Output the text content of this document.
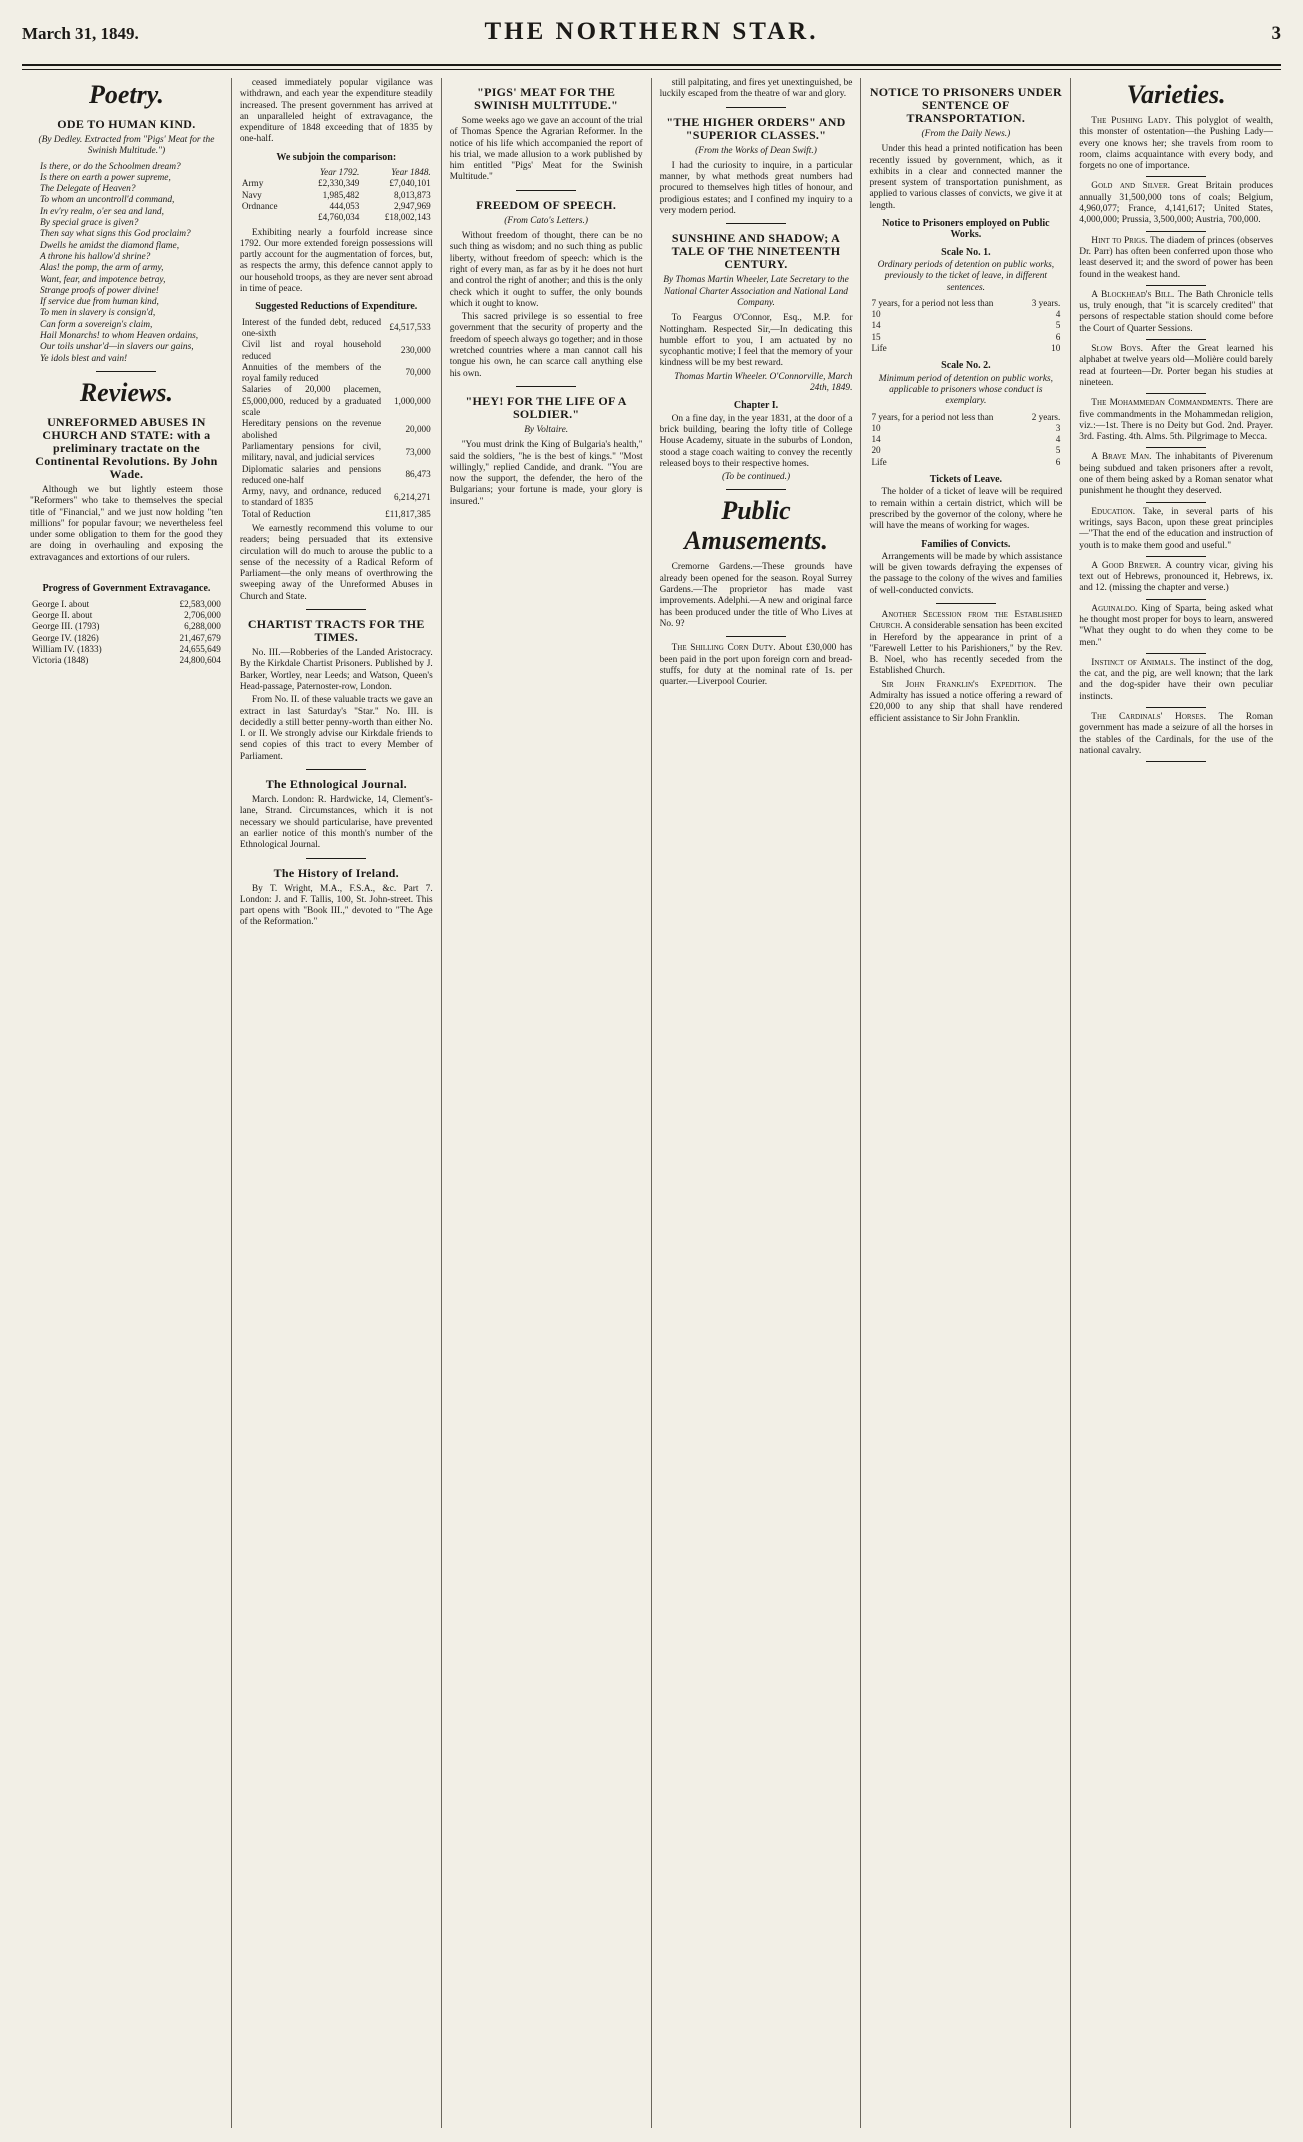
March 31, 1849.	THE NORTHERN STAR.	3
Poetry.
ODE TO HUMAN KIND.
(By Dedley. Extracted from "Pigs' Meat for the Swinish Multitude.")

Is there, or do the Schoolmen dream?

Is there on earth a power supreme,

The Delegate of Heaven?

To whom an uncontroll'd command,

In ev'ry realm, o'er sea and land,

By special grace is given?

Then say what signs this God proclaim?

Dwells he amidst the diamond flame,

A throne his hallow'd shrine?

Alas! the pomp, the arm of army,

Want, fear, and impotence betray,

Strange proofs of power divine!

If service due from human kind,

To men in slavery is consign'd,

Can form a sovereign's claim,

Hail Monarchs! to whom Heaven ordains,

Our toils unshar'd—in slavers our gains,

Ye idols blest and vain!

Reviews.
UNREFORMED ABUSES IN CHURCH AND STATE: with a preliminary tractate on the Continental Revolutions. By John Wade.

Although we but lightly esteem those "Reformers" who take to themselves the special title of "Financial," and we just now holding "ten millions" for popular favour; we nevertheless feel under some obligation to them for the good they are doing in overhauling and exposing the extravagances and extortions of our rulers.

Progress of Government Extravagance.
George I. about	£2,583,000
George II. about	2,706,000
George III. (1793)	6,288,000
George IV. (1826)	21,467,679
William IV. (1833)	24,655,649
Victoria (1848)	24,800,604

ceased immediately popular vigilance was withdrawn, and each year the expenditure steadily increased. The present government has arrived at an unparalleled height of extravagance, the expenditure of 1848 exceeding that of 1835 by one-half.

We subjoin the comparison:
	Year 1792.	Year 1848.
Army	£2,330,349	£7,040,101
Navy	1,985,482	8,013,873
Ordnance	444,053	2,947,969
	£4,760,034	£18,002,143

Exhibiting nearly a fourfold increase since 1792. Our more extended foreign possessions will partly account for the augmentation of forces, but, as respects the army, this defence cannot apply to our household troops, as they are never sent abroad in time of peace.

Suggested Reductions of Expenditure.
Interest of the funded debt, reduced one-sixth	£4,517,533
Civil list and royal household reduced	230,000
Annuities of the members of the royal family reduced	70,000
Salaries of 20,000 placemen, £5,000,000, reduced by a graduated scale	1,000,000
Hereditary pensions on the revenue abolished	20,000
Parliamentary pensions for civil, military, naval, and judicial services	73,000
Diplomatic salaries and pensions reduced one-half	86,473
Army, navy, and ordnance, reduced to standard of 1835	6,214,271
Total of Reduction	£11,817,385

We earnestly recommend this volume to our readers; being persuaded that its extensive circulation will do much to arouse the public to a sense of the necessity of a Radical Reform of Parliament—the only means of overthrowing the sweeping away of the Unreformed Abuses in Church and State.

CHARTIST TRACTS FOR THE TIMES.

No. III.—Robberies of the Landed Aristocracy. By the Kirkdale Chartist Prisoners. Published by J. Barker, Wortley, near Leeds; and Watson, Queen's Head-passage, Paternoster-row, London.

From No. II. of these valuable tracts we gave an extract in last Saturday's "Star." No. III. is decidedly a still better penny-worth than either No. I. or II. We strongly advise our Kirkdale friends to send copies of this tract to every Member of Parliament.

The Ethnological Journal.

March. London: R. Hardwicke, 14, Clement's-lane, Strand. Circumstances, which it is not necessary we should particularise, have prevented an earlier notice of this month's number of the Ethnological Journal.

The History of Ireland.

By T. Wright, M.A., F.S.A., &c. Part 7. London: J. and F. Tallis, 100, St. John-street. This part opens with "Book III.," devoted to "The Age of the Reformation."

"PIGS' MEAT FOR THE SWINISH MULTITUDE."

Some weeks ago we gave an account of the trial of Thomas Spence the Agrarian Reformer. In the notice of his life which accompanied the report of his trial, we made allusion to a work published by him entitled "Pigs' Meat for the Swinish Multitude."

FREEDOM OF SPEECH.
(From Cato's Letters.)

Without freedom of thought, there can be no such thing as wisdom; and no such thing as public liberty, without freedom of speech: which is the right of every man, as far as by it he does not hurt and control the right of another; and this is the only check which it ought to suffer, the only bounds which it ought to know.

This sacred privilege is so essential to free government that the security of property and the freedom of speech always go together; and in those wretched countries where a man cannot call his tongue his own, he can scarce call anything else his own.

"HEY! FOR THE LIFE OF A SOLDIER."
By Voltaire.

"You must drink the King of Bulgaria's health," said the soldiers, "he is the best of kings." "Most willingly," replied Candide, and drank. "You are now the support, the defender, the hero of the Bulgarians; your fortune is made, your glory is insured."

still palpitating, and fires yet unextinguished, be luckily escaped from the theatre of war and glory.

"THE HIGHER ORDERS" AND "SUPERIOR CLASSES."
(From the Works of Dean Swift.)

I had the curiosity to inquire, in a particular manner, by what methods great numbers had procured to themselves high titles of honour, and prodigious estates; and I confined my inquiry to a very modern period.

SUNSHINE AND SHADOW; A TALE OF THE NINETEENTH CENTURY.
By Thomas Martin Wheeler, Late Secretary to the National Charter Association and National Land Company.

To Feargus O'Connor, Esq., M.P. for Nottingham. Respected Sir,—In dedicating this humble effort to you, I am actuated by no sycophantic motive; I feel that the memory of your kindness will be my best reward.

Thomas Martin Wheeler. O'Connorville, March 24th, 1849.

Chapter I.

On a fine day, in the year 1831, at the door of a brick building, bearing the lofty title of College House Academy, situate in the suburbs of London, stood a stage coach waiting to convey the recently released boys to their respective homes.

(To be continued.)
Public Amusements.

Cremorne Gardens.—These grounds have already been opened for the season. Royal Surrey Gardens.—The proprietor has made vast improvements. Adelphi.—A new and original farce has been produced under the title of Who Lives at No. 9?

The Shilling Corn Duty. About £30,000 has been paid in the port upon foreign corn and bread-stuffs, for duty at the nominal rate of 1s. per quarter.—Liverpool Courier.

NOTICE TO PRISONERS UNDER SENTENCE OF TRANSPORTATION.
(From the Daily News.)

Under this head a printed notification has been recently issued by government, which, as it exhibits in a clear and connected manner the present system of transportation punishment, as applied to various classes of convicts, we give it at length.

Notice to Prisoners employed on Public Works.
Scale No. 1.
Ordinary periods of detention on public works, previously to the ticket of leave, in different sentences.
7 years, for a period not less than	3 years.
10	4
14	5
15	6
Life	10
Scale No. 2.
Minimum period of detention on public works, applicable to prisoners whose conduct is exemplary.
7 years, for a period not less than	2 years.
10	3
14	4
20	5
Life	6
Tickets of Leave.

The holder of a ticket of leave will be required to remain within a certain district, which will be prescribed by the governor of the colony, where he will have the means of working for wages.

Families of Convicts.

Arrangements will be made by which assistance will be given towards defraying the expenses of the passage to the colony of the wives and families of well-conducted convicts.

Another Secession from the Established Church. A considerable sensation has been excited in Hereford by the appearance in print of a "Farewell Letter to his Parishioners," by the Rev. B. Noel, who has recently seceded from the Established Church.

Sir John Franklin's Expedition. The Admiralty has issued a notice offering a reward of £20,000 to any ship that shall have rendered efficient assistance to Sir John Franklin.

Varieties.

The Pushing Lady. This polyglot of wealth, this monster of ostentation—the Pushing Lady—every one knows her; she travels from room to room, claims acquaintance with every body, and forgets no one of importance.

Gold and Silver. Great Britain produces annually 31,500,000 tons of coals; Belgium, 4,960,077; France, 4,141,617; United States, 4,000,000; Prussia, 3,500,000; Austria, 700,000.

Hint to Prigs. The diadem of princes (observes Dr. Parr) has often been conferred upon those who least deserved it; and the sword of power has been found in the weakest hand.

A Blockhead's Bill. The Bath Chronicle tells us, truly enough, that "it is scarcely credited" that persons of respectable station should come before the Court of Quarter Sessions.

Slow Boys. After the Great learned his alphabet at twelve years old—Molière could barely read at fourteen—Dr. Porter began his studies at nineteen.

The Mohammedan Commandments. There are five commandments in the Mohammedan religion, viz.:—1st. There is no Deity but God. 2nd. Prayer. 3rd. Fasting. 4th. Alms. 5th. Pilgrimage to Mecca.

A Brave Man. The inhabitants of Piverenum being subdued and taken prisoners after a revolt, one of them being asked by a Roman senator what punishment he thought they deserved.

Education. Take, in several parts of his writings, says Bacon, upon these great principles—"That the end of the education and instruction of youth is to make them good and useful."

A Good Brewer. A country vicar, giving his text out of Hebrews, pronounced it, Hebrews, ix. and 12. (missing the chapter and verse.)

Aguinaldo. King of Sparta, being asked what he thought most proper for boys to learn, answered "What they ought to do when they come to be men."

Instinct of Animals. The instinct of the dog, the cat, and the pig, are well known; that the lark and the dog-spider have their own peculiar instincts.

The Cardinals' Horses. The Roman government has made a seizure of all the horses in the stables of the Cardinals, for the use of the national cavalry.
